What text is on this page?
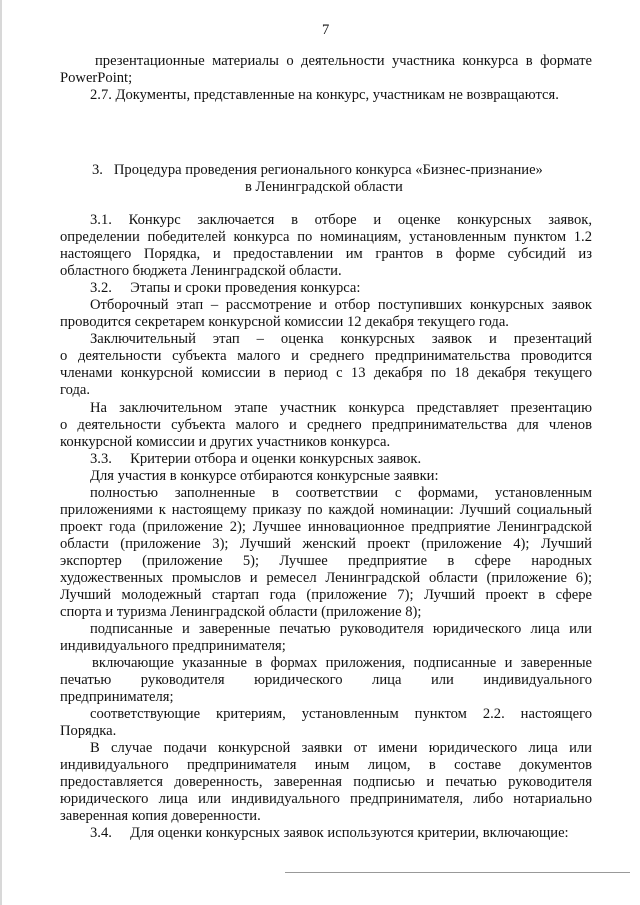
7
презентационные материалы о деятельности участника конкурса в формате
PowerPoint;
2.7. Документы, представленные на конкурс, участникам не возвращаются.
3.   Процедура проведения регионального конкурса «Бизнес-признание»
в Ленинградской области
3.1. Конкурс заключается в отборе и оценке конкурсных заявок,
определении победителей конкурса по номинациям, установленным пунктом 1.2
настоящего Порядка, и предоставлении им грантов в форме субсидий из
областного бюджета Ленинградской области.
3.2.     Этапы и сроки проведения конкурса:
Отборочный этап – рассмотрение и отбор поступивших конкурсных заявок
проводится секретарем конкурсной комиссии 12 декабря текущего года.
Заключительный этап – оценка конкурсных заявок и презентаций
о деятельности субъекта малого и среднего предпринимательства проводится
членами конкурсной комиссии в период с 13 декабря по 18 декабря текущего
года.
На заключительном этапе участник конкурса представляет презентацию
о деятельности субъекта малого и среднего предпринимательства для членов
конкурсной комиссии и других участников конкурса.
3.3.     Критерии отбора и оценки конкурсных заявок.
Для участия в конкурсе отбираются конкурсные заявки:
полностью заполненные в соответствии с формами, установленным
приложениями к настоящему приказу по каждой номинации: Лучший социальный
проект года (приложение 2); Лучшее инновационное предприятие Ленинградской
области (приложение 3); Лучший женский проект (приложение 4); Лучший
экспортер (приложение 5); Лучшее предприятие в сфере народных
художественных промыслов и ремесел Ленинградской области (приложение 6);
Лучший молодежный стартап года (приложение 7); Лучший проект в сфере
спорта и туризма Ленинградской области (приложение 8);
подписанные и заверенные печатью руководителя юридического лица или
индивидуального предпринимателя;
включающие указанные в формах приложения, подписанные и заверенные
печатью руководителя юридического лица или индивидуального
предпринимателя;
соответствующие критериям, установленным пунктом 2.2. настоящего
Порядка.
В случае подачи конкурсной заявки от имени юридического лица или
индивидуального предпринимателя иным лицом, в составе документов
предоставляется доверенность, заверенная подписью и печатью руководителя
юридического лица или индивидуального предпринимателя, либо нотариально
заверенная копия доверенности.
3.4.     Для оценки конкурсных заявок используются критерии, включающие:
